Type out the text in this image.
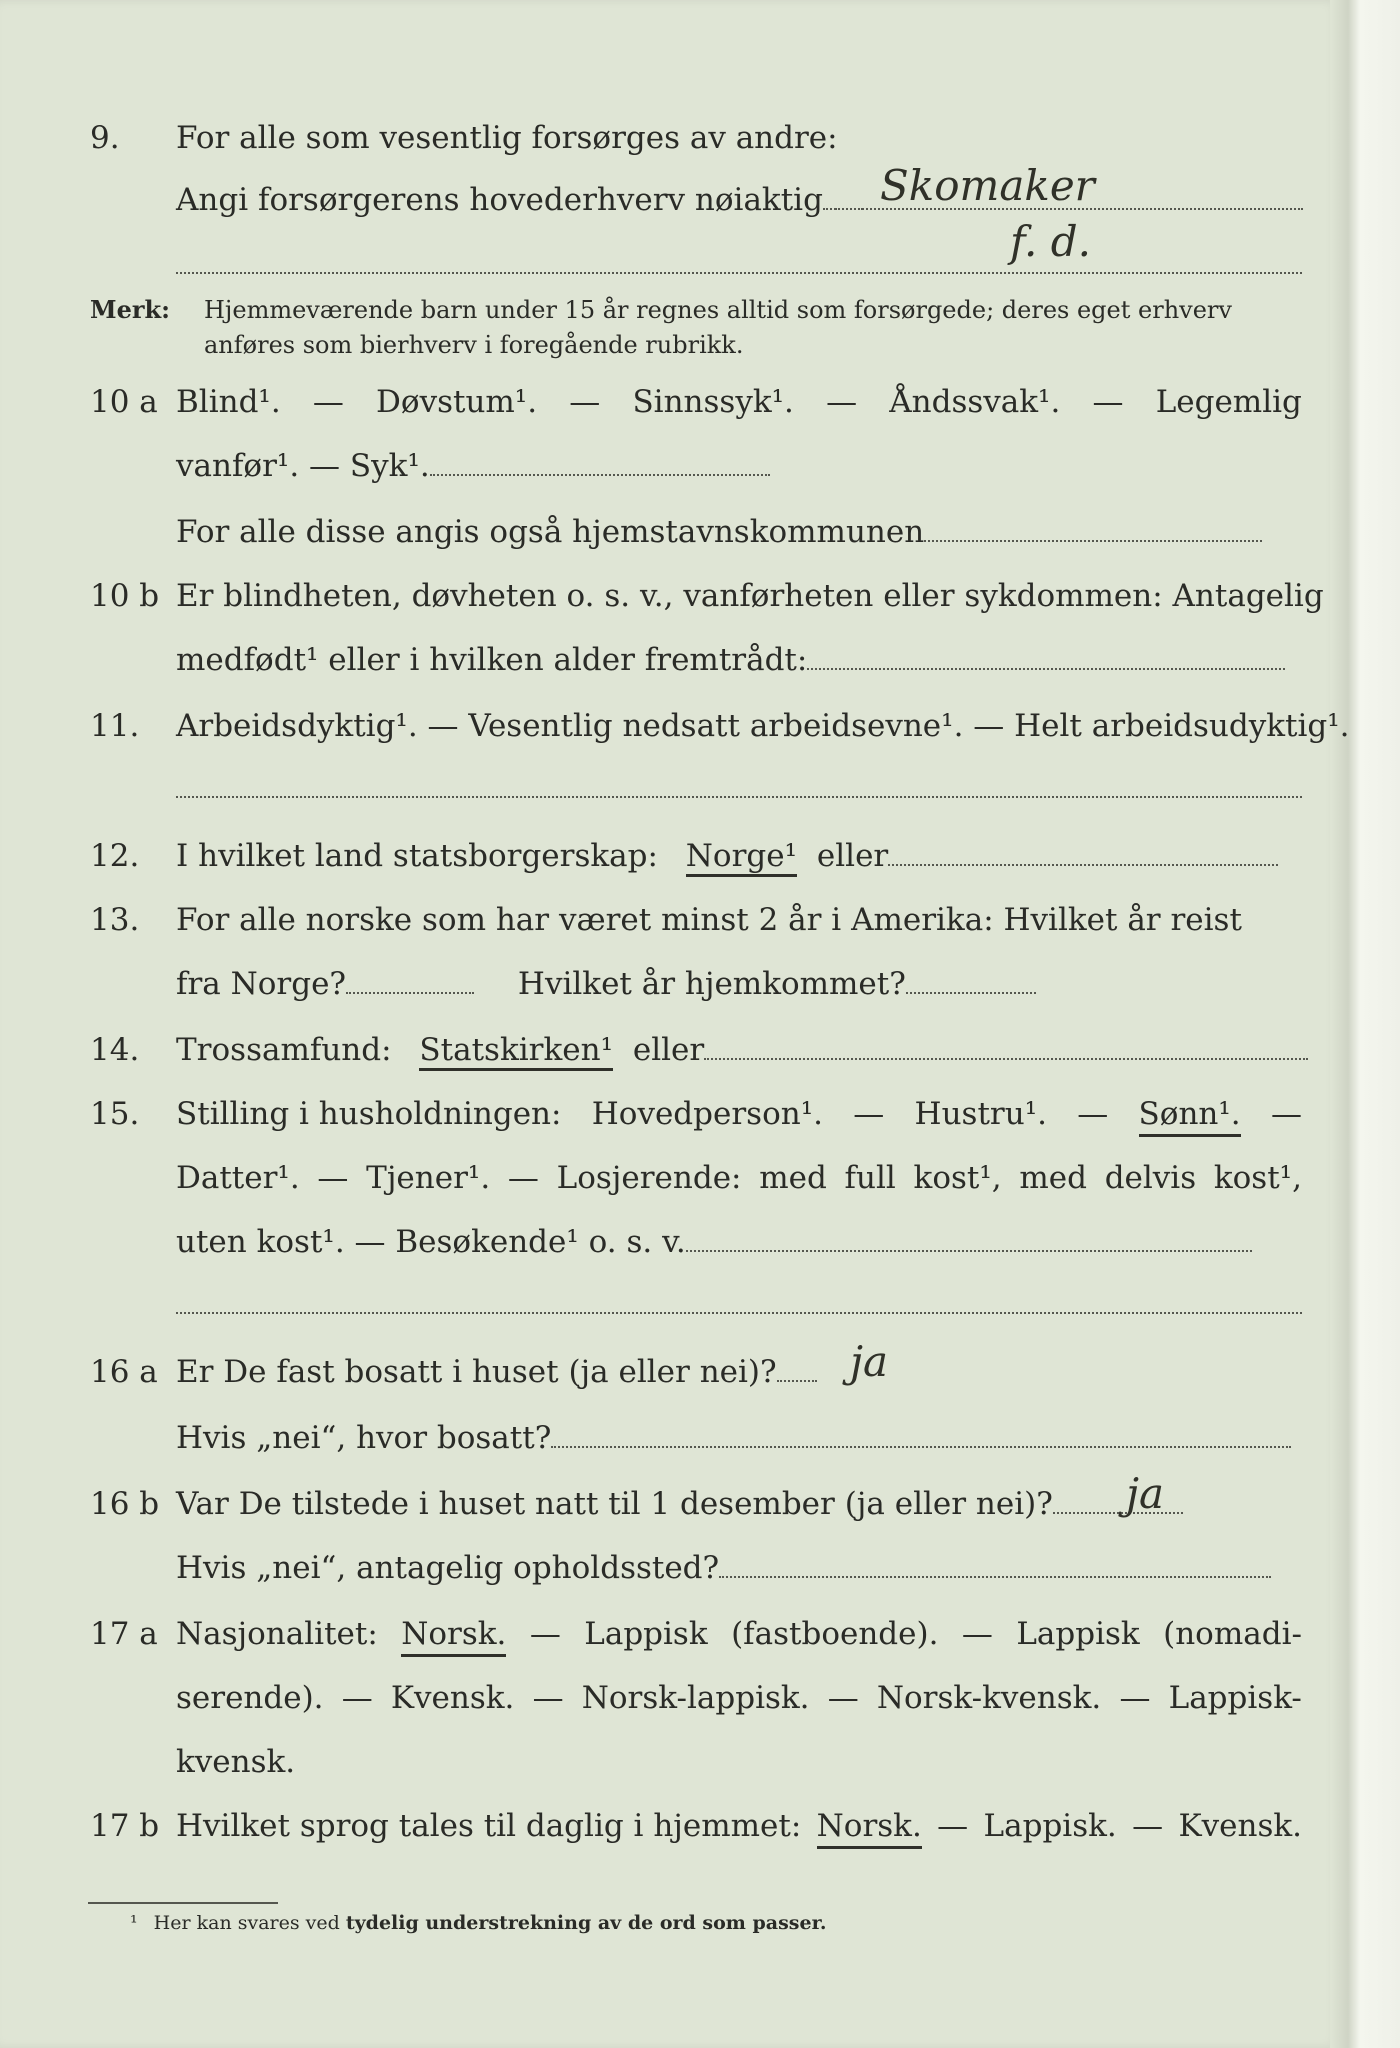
9. For alle som vesentlig forsørges av andre:
Angi forsørgerens hovederhverv nøiaktig	Skomaker
f. d.
Merk: Hjemmeværende barn under 15 år regnes alltid som forsørgede; deres eget erhverv
anføres som bierhverv i foregående rubrikk.
10 a Blind¹. — Døvstum¹. — Sinnssyk¹. — Åndssvak¹. — Legemlig
vanfør¹. — Syk¹.
For alle disse angis også hjemstavnskommunen
10 b Er blindheten, døvheten o. s. v., vanførheten eller sykdommen: Antagelig
medfødt¹ eller i hvilken alder fremtrådt:
11. Arbeidsdyktig¹. — Vesentlig nedsatt arbeidsevne¹. — Helt arbeidsudyktig¹.
12. I hvilket land statsborgerskap: Norge¹ eller
13. For alle norske som har været minst 2 år i Amerika: Hvilket år reist
fra Norge?	Hvilket år hjemkommet?
14. Trossamfund: Statskirken¹ eller
15. Stilling i husholdningen: Hovedperson¹. — Hustru¹. — Sønn¹. —
Datter¹. — Tjener¹. — Losjerende: med full kost¹, med delvis kost¹,
uten kost¹. — Besøkende¹ o. s. v.
16 a Er De fast bosatt i huset (ja eller nei)?	ja
Hvis „nei“, hvor bosatt?
16 b Var De tilstede i huset natt til 1 desember (ja eller nei)?	ja
Hvis „nei“, antagelig opholdssted?
17 a Nasjonalitet: Norsk. — Lappisk (fastboende). — Lappisk (nomadi-
serende). — Kvensk. — Norsk-lappisk. — Norsk-kvensk. — Lappisk-
kvensk.
17 b Hvilket sprog tales til daglig i hjemmet: Norsk. — Lappisk. — Kvensk.
¹ Her kan svares ved tydelig understrekning av de ord som passer.
